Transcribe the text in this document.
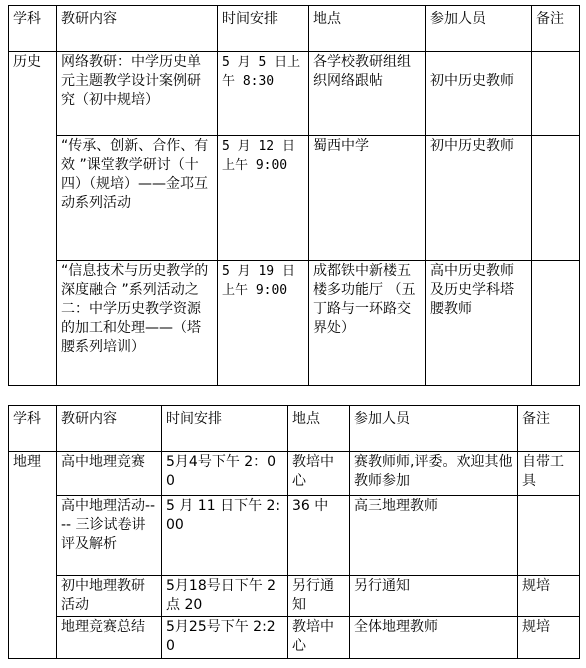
学科	教研内容	时间安排	地点	参加人员	备注
历史	网络教研：中学历史单元主题教学设计案例研究（初中规培）	5 月 5 日上午 8:30	各学校教研组组织网络跟帖	初中历史教师	
	“传承、创新、合作、有效 ”课堂教学研讨（十四）（规培）——金邛互动系列活动	5 月 12 日上午 9:00	蜀西中学	初中历史教师	
	“信息技术与历史教学的深度融合 ”系列活动之二：中学历史教学资源的加工和处理——（塔腰系列培训）	5 月 19 日上午 9:00	成都铁中新楼五楼多功能厅 （五丁路与一环路交界处）	高中历史教师及历史学科塔腰教师	
学科	教研内容	时间安排	地点	参加人员	备注
地理	高中地理竞赛	5月4号下午 2：00	教培中心	赛教师师,评委。欢迎其他教师参加	自带工具
	高中地理活动---- 三诊试卷讲评及解析	5 月 11 日下午 2:00	36 中	高三地理教师	
	初中地理教研活动	5月18号日下午 2点 20	另行通知	另行通知	规培
	地理竞赛总结	5月25号下午 2:20	教培中心	全体地理教师	规培
